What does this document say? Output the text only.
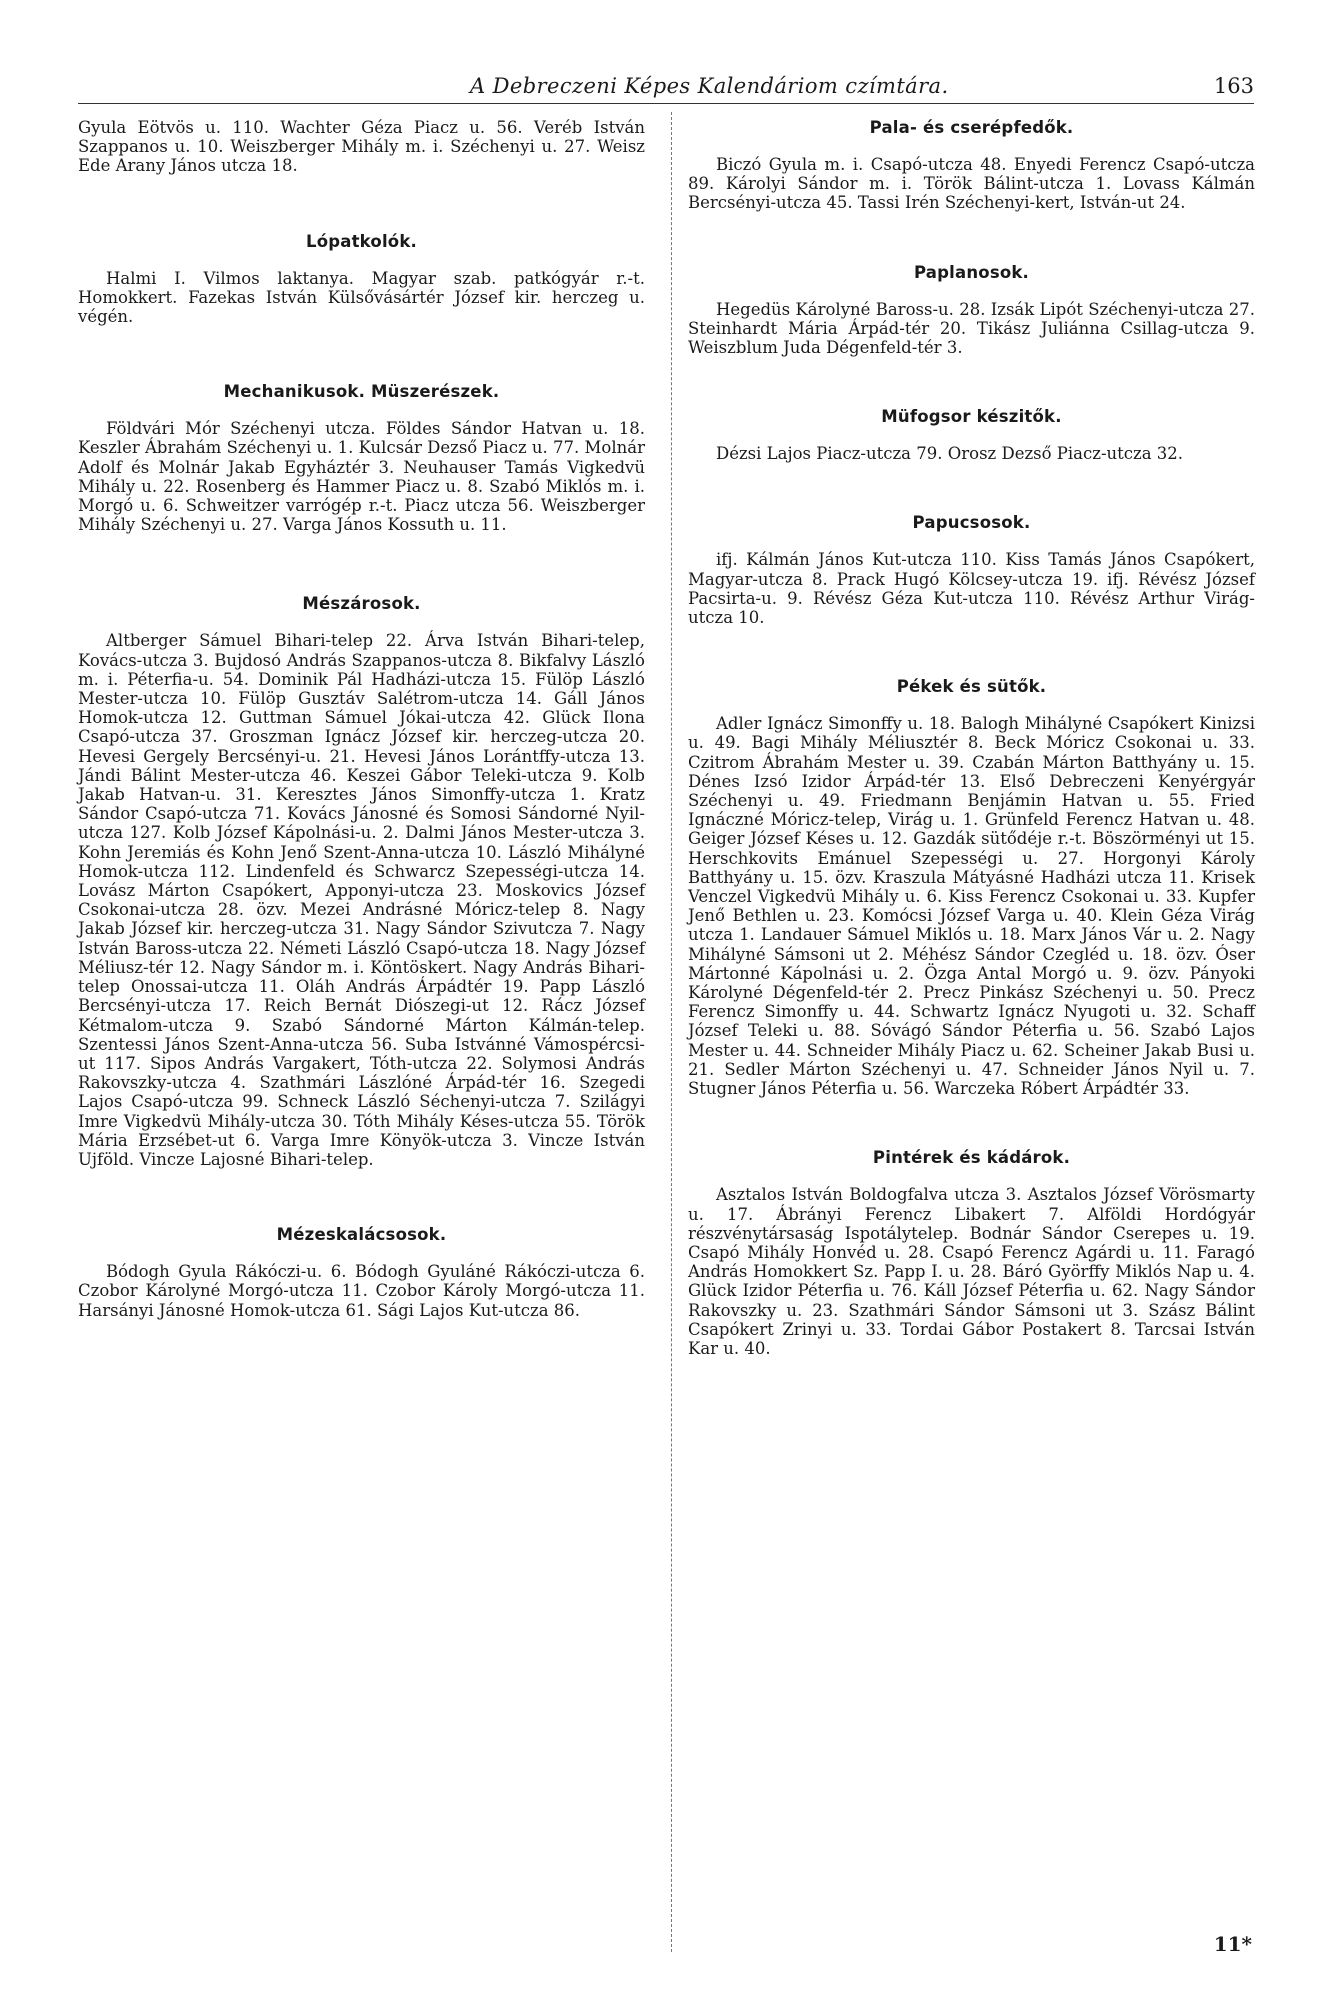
A Debreczeni Képes Kalendáriom czímtára.	163

Gyula Eötvös u. 110. Wachter Géza Piacz u. 56. Veréb István Szappanos u. 10. Weiszberger Mihály m. i. Széchenyi u. 27. Weisz Ede Arany János utcza 18.

Lópatkolók.

Halmi I. Vilmos laktanya. Magyar szab. patkógyár r.-t. Homokkert. Fazekas István Külsővásártér József kir. herczeg u. végén.

Mechanikusok. Müszerészek.

Földvári Mór Széchenyi utcza. Földes Sándor Hatvan u. 18. Keszler Ábrahám Széchenyi u. 1. Kulcsár Dezső Piacz u. 77. Molnár Adolf és Molnár Jakab Egyháztér 3. Neuhauser Tamás Vigkedvü Mihály u. 22. Rosenberg és Hammer Piacz u. 8. Szabó Miklós m. i. Morgó u. 6. Schweitzer varrógép r.-t. Piacz utcza 56. Weiszberger Mihály Széchenyi u. 27. Varga János Kossuth u. 11.

Mészárosok.

Altberger Sámuel Bihari-telep 22. Árva István Bihari-telep, Kovács-utcza 3. Bujdosó András Szappanos-utcza 8. Bikfalvy László m. i. Péterfia-u. 54. Dominik Pál Hadházi-utcza 15. Fülöp László Mester-utcza 10. Fülöp Gusztáv Salétrom-utcza 14. Gáll János Homok-utcza 12. Guttman Sámuel Jókai-utcza 42. Glück Ilona Csapó-utcza 37. Groszman Ignácz József kir. herczeg-utcza 20. Hevesi Gergely Bercsényi-u. 21. Hevesi János Lorántffy-utcza 13. Jándi Bálint Mester-utcza 46. Keszei Gábor Teleki-utcza 9. Kolb Jakab Hatvan-u. 31. Keresztes János Simonffy-utcza 1. Kratz Sándor Csapó-utcza 71. Kovács Jánosné és Somosi Sándorné Nyil-utcza 127. Kolb József Kápolnási-u. 2. Dalmi János Mester-utcza 3. Kohn Jeremiás és Kohn Jenő Szent-Anna-utcza 10. László Mihályné Homok-utcza 112. Lindenfeld és Schwarcz Szepességi-utcza 14. Lovász Márton Csapókert, Apponyi-utcza 23. Moskovics József Csokonai-utcza 28. özv. Mezei Andrásné Móricz-telep 8. Nagy Jakab József kir. herczeg-utcza 31. Nagy Sándor Szivutcza 7. Nagy István Baross-utcza 22. Németi László Csapó-utcza 18. Nagy József Méliusz-tér 12. Nagy Sándor m. i. Köntöskert. Nagy András Bihari-telep Onossai-utcza 11. Oláh András Árpádtér 19. Papp László Bercsényi-utcza 17. Reich Bernát Diószegi-ut 12. Rácz József Kétmalom-utcza 9. Szabó Sándorné Márton Kálmán-telep. Szentessi János Szent-Anna-utcza 56. Suba Istvánné Vámospércsi-ut 117. Sipos András Vargakert, Tóth-utcza 22. Solymosi András Rakovszky-utcza 4. Szathmári Lászlóné Árpád-tér 16. Szegedi Lajos Csapó-utcza 99. Schneck László Séchenyi-utcza 7. Szilágyi Imre Vigkedvü Mihály-utcza 30. Tóth Mihály Késes-utcza 55. Török Mária Erzsébet-ut 6. Varga Imre Könyök-utcza 3. Vincze István Ujföld. Vincze Lajosné Bihari-telep.

Mézeskalácsosok.

Bódogh Gyula Rákóczi-u. 6. Bódogh Gyuláné Rákóczi-utcza 6. Czobor Károlyné Morgó-utcza 11. Czobor Károly Morgó-utcza 11. Harsányi Jánosné Homok-utcza 61. Sági Lajos Kut-utcza 86.

Pala- és cserépfedők.

Biczó Gyula m. i. Csapó-utcza 48. Enyedi Ferencz Csapó-utcza 89. Károlyi Sándor m. i. Török Bálint-utcza 1. Lovass Kálmán Bercsényi-utcza 45. Tassi Irén Széchenyi-kert, István-ut 24.

Paplanosok.

Hegedüs Károlyné Baross-u. 28. Izsák Lipót Széchenyi-utcza 27. Steinhardt Mária Árpád-tér 20. Tikász Juliánna Csillag-utcza 9. Weiszblum Juda Dégenfeld-tér 3.

Müfogsor készitők.

Dézsi Lajos Piacz-utcza 79. Orosz Dezső Piacz-utcza 32.

Papucsosok.

ifj. Kálmán János Kut-utcza 110. Kiss Tamás János Csapókert, Magyar-utcza 8. Prack Hugó Kölcsey-utcza 19. ifj. Révész József Pacsirta-u. 9. Révész Géza Kut-utcza 110. Révész Arthur Virág-utcza 10.

Pékek és sütők.

Adler Ignácz Simonffy u. 18. Balogh Mihályné Csapókert Kinizsi u. 49. Bagi Mihály Méliusztér 8. Beck Móricz Csokonai u. 33. Czitrom Ábrahám Mester u. 39. Czabán Márton Batthyány u. 15. Dénes Izsó Izidor Árpád-tér 13. Első Debreczeni Kenyérgyár Széchenyi u. 49. Friedmann Benjámin Hatvan u. 55. Fried Ignáczné Móricz-telep, Virág u. 1. Grünfeld Ferencz Hatvan u. 48. Geiger József Késes u. 12. Gazdák sütődéje r.-t. Böszörményi ut 15. Herschkovits Emánuel Szepességi u. 27. Horgonyi Károly Batthyány u. 15. özv. Kraszula Mátyásné Hadházi utcza 11. Krisek Venczel Vigkedvü Mihály u. 6. Kiss Ferencz Csokonai u. 33. Kupfer Jenő Bethlen u. 23. Komócsi József Varga u. 40. Klein Géza Virág utcza 1. Landauer Sámuel Miklós u. 18. Marx János Vár u. 2. Nagy Mihályné Sámsoni ut 2. Méhész Sándor Czegléd u. 18. özv. Óser Mártonné Kápolnási u. 2. Özga Antal Morgó u. 9. özv. Pányoki Károlyné Dégenfeld-tér 2. Precz Pinkász Széchenyi u. 50. Precz Ferencz Simonffy u. 44. Schwartz Ignácz Nyugoti u. 32. Schaff József Teleki u. 88. Sóvágó Sándor Péterfia u. 56. Szabó Lajos Mester u. 44. Schneider Mihály Piacz u. 62. Scheiner Jakab Busi u. 21. Sedler Márton Széchenyi u. 47. Schneider János Nyil u. 7. Stugner János Péterfia u. 56. Warczeka Róbert Árpádtér 33.

Pintérek és kádárok.

Asztalos István Boldogfalva utcza 3. Asztalos József Vörösmarty u. 17. Ábrányi Ferencz Libakert 7. Alföldi Hordógyár részvénytársaság Ispotálytelep. Bodnár Sándor Cserepes u. 19. Csapó Mihály Honvéd u. 28. Csapó Ferencz Agárdi u. 11. Faragó András Homokkert Sz. Papp I. u. 28. Báró Györffy Miklós Nap u. 4. Glück Izidor Péterfia u. 76. Káll József Péterfia u. 62. Nagy Sándor Rakovszky u. 23. Szathmári Sándor Sámsoni ut 3. Szász Bálint Csapókert Zrinyi u. 33. Tordai Gábor Postakert 8. Tarcsai István Kar u. 40.

11*
